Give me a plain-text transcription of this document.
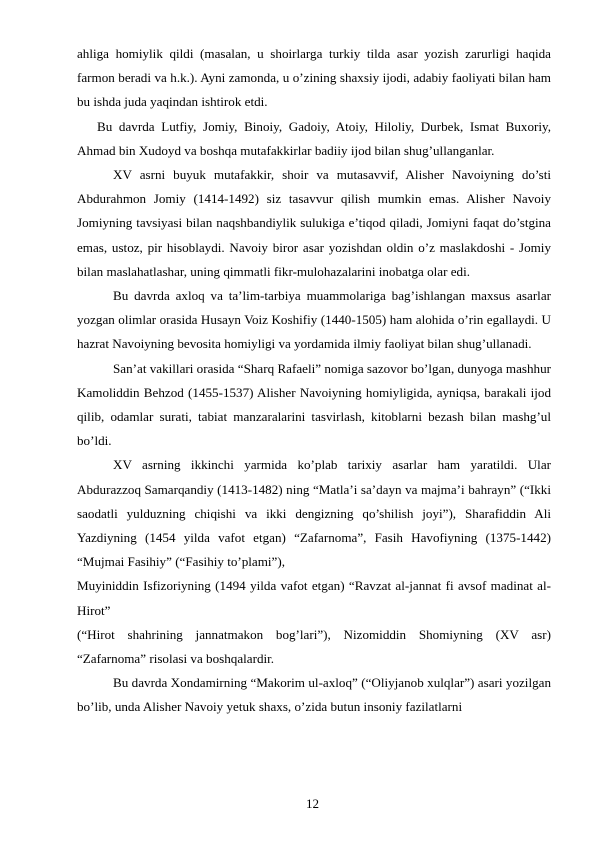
ahliga homiylik qildi (masalan, u shoirlarga turkiy tilda asar yozish zarurligi haqida farmon beradi va h.k.). Ayni zamonda, u o’zining shaxsiy ijodi, adabiy faoliyati bilan ham bu ishda juda yaqindan ishtirok etdi.

Bu davrda Lutfiy, Jomiy, Binoiy, Gadoiy, Atoiy, Hiloliy, Durbek, Ismat Buxoriy, Ahmad bin Xudoyd va boshqa mutafakkirlar badiiy ijod bilan shug’ullanganlar.

XV asrni buyuk mutafakkir, shoir va mutasavvif, Alisher Navoiyning do’sti Abdurahmon Jomiy (1414-1492) siz tasavvur qilish mumkin emas. Alisher Navoiy Jomiyning tavsiyasi bilan naqshbandiylik sulukiga e’tiqod qiladi, Jomiyni faqat do’stgina emas, ustoz, pir hisoblaydi. Navoiy biror asar yozishdan oldin o’z maslakdoshi - Jomiy bilan maslahatlashar, uning qimmatli fikr-mulohazalarini inobatga olar edi.

Bu davrda axloq va ta’lim-tarbiya muammolariga bag’ishlangan maxsus asarlar yozgan olimlar orasida Husayn Voiz Koshifiy (1440-1505) ham alohida o’rin egallaydi. U hazrat Navoiyning bevosita homiyligi va yordamida ilmiy faoliyat bilan shug’ullanadi.

San’at vakillari orasida “Sharq Rafaeli” nomiga sazovor bo’lgan, dunyoga mashhur Kamoliddin Behzod (1455-1537) Alisher Navoiyning homiyligida, ayniqsa, barakali ijod qilib, odamlar surati, tabiat manzaralarini tasvirlash, kitoblarni bezash bilan mashg’ul bo’ldi.

XV asrning ikkinchi yarmida ko’plab tarixiy asarlar ham yaratildi. Ular Abdurazzoq Samarqandiy (1413-1482) ning “Matla’i sa’dayn va majma’i bahrayn” (“Ikki saodatli yulduzning chiqishi va ikki dengizning qo’shilish joyi”), Sharafiddin Ali Yazdiyning (1454 yilda vafot etgan) “Zafarnoma”, Fasih Havofiyning (1375-1442) “Mujmai Fasihiy” (“Fasihiy to’plami”),

Muyiniddin Isfizoriyning (1494 yilda vafot etgan) “Ravzat al-jannat fi avsof madinat al-Hirot”

(“Hirot shahrining jannatmakon bog’lari”), Nizomiddin Shomiyning (XV asr) “Zafarnoma” risolasi va boshqalardir.

Bu davrda Xondamirning “Makorim ul-axloq” (“Oliyjanob xulqlar”) asari yozilgan bo’lib, unda Alisher Navoiy yetuk shaxs, o’zida butun insoniy fazilatlarni

12
